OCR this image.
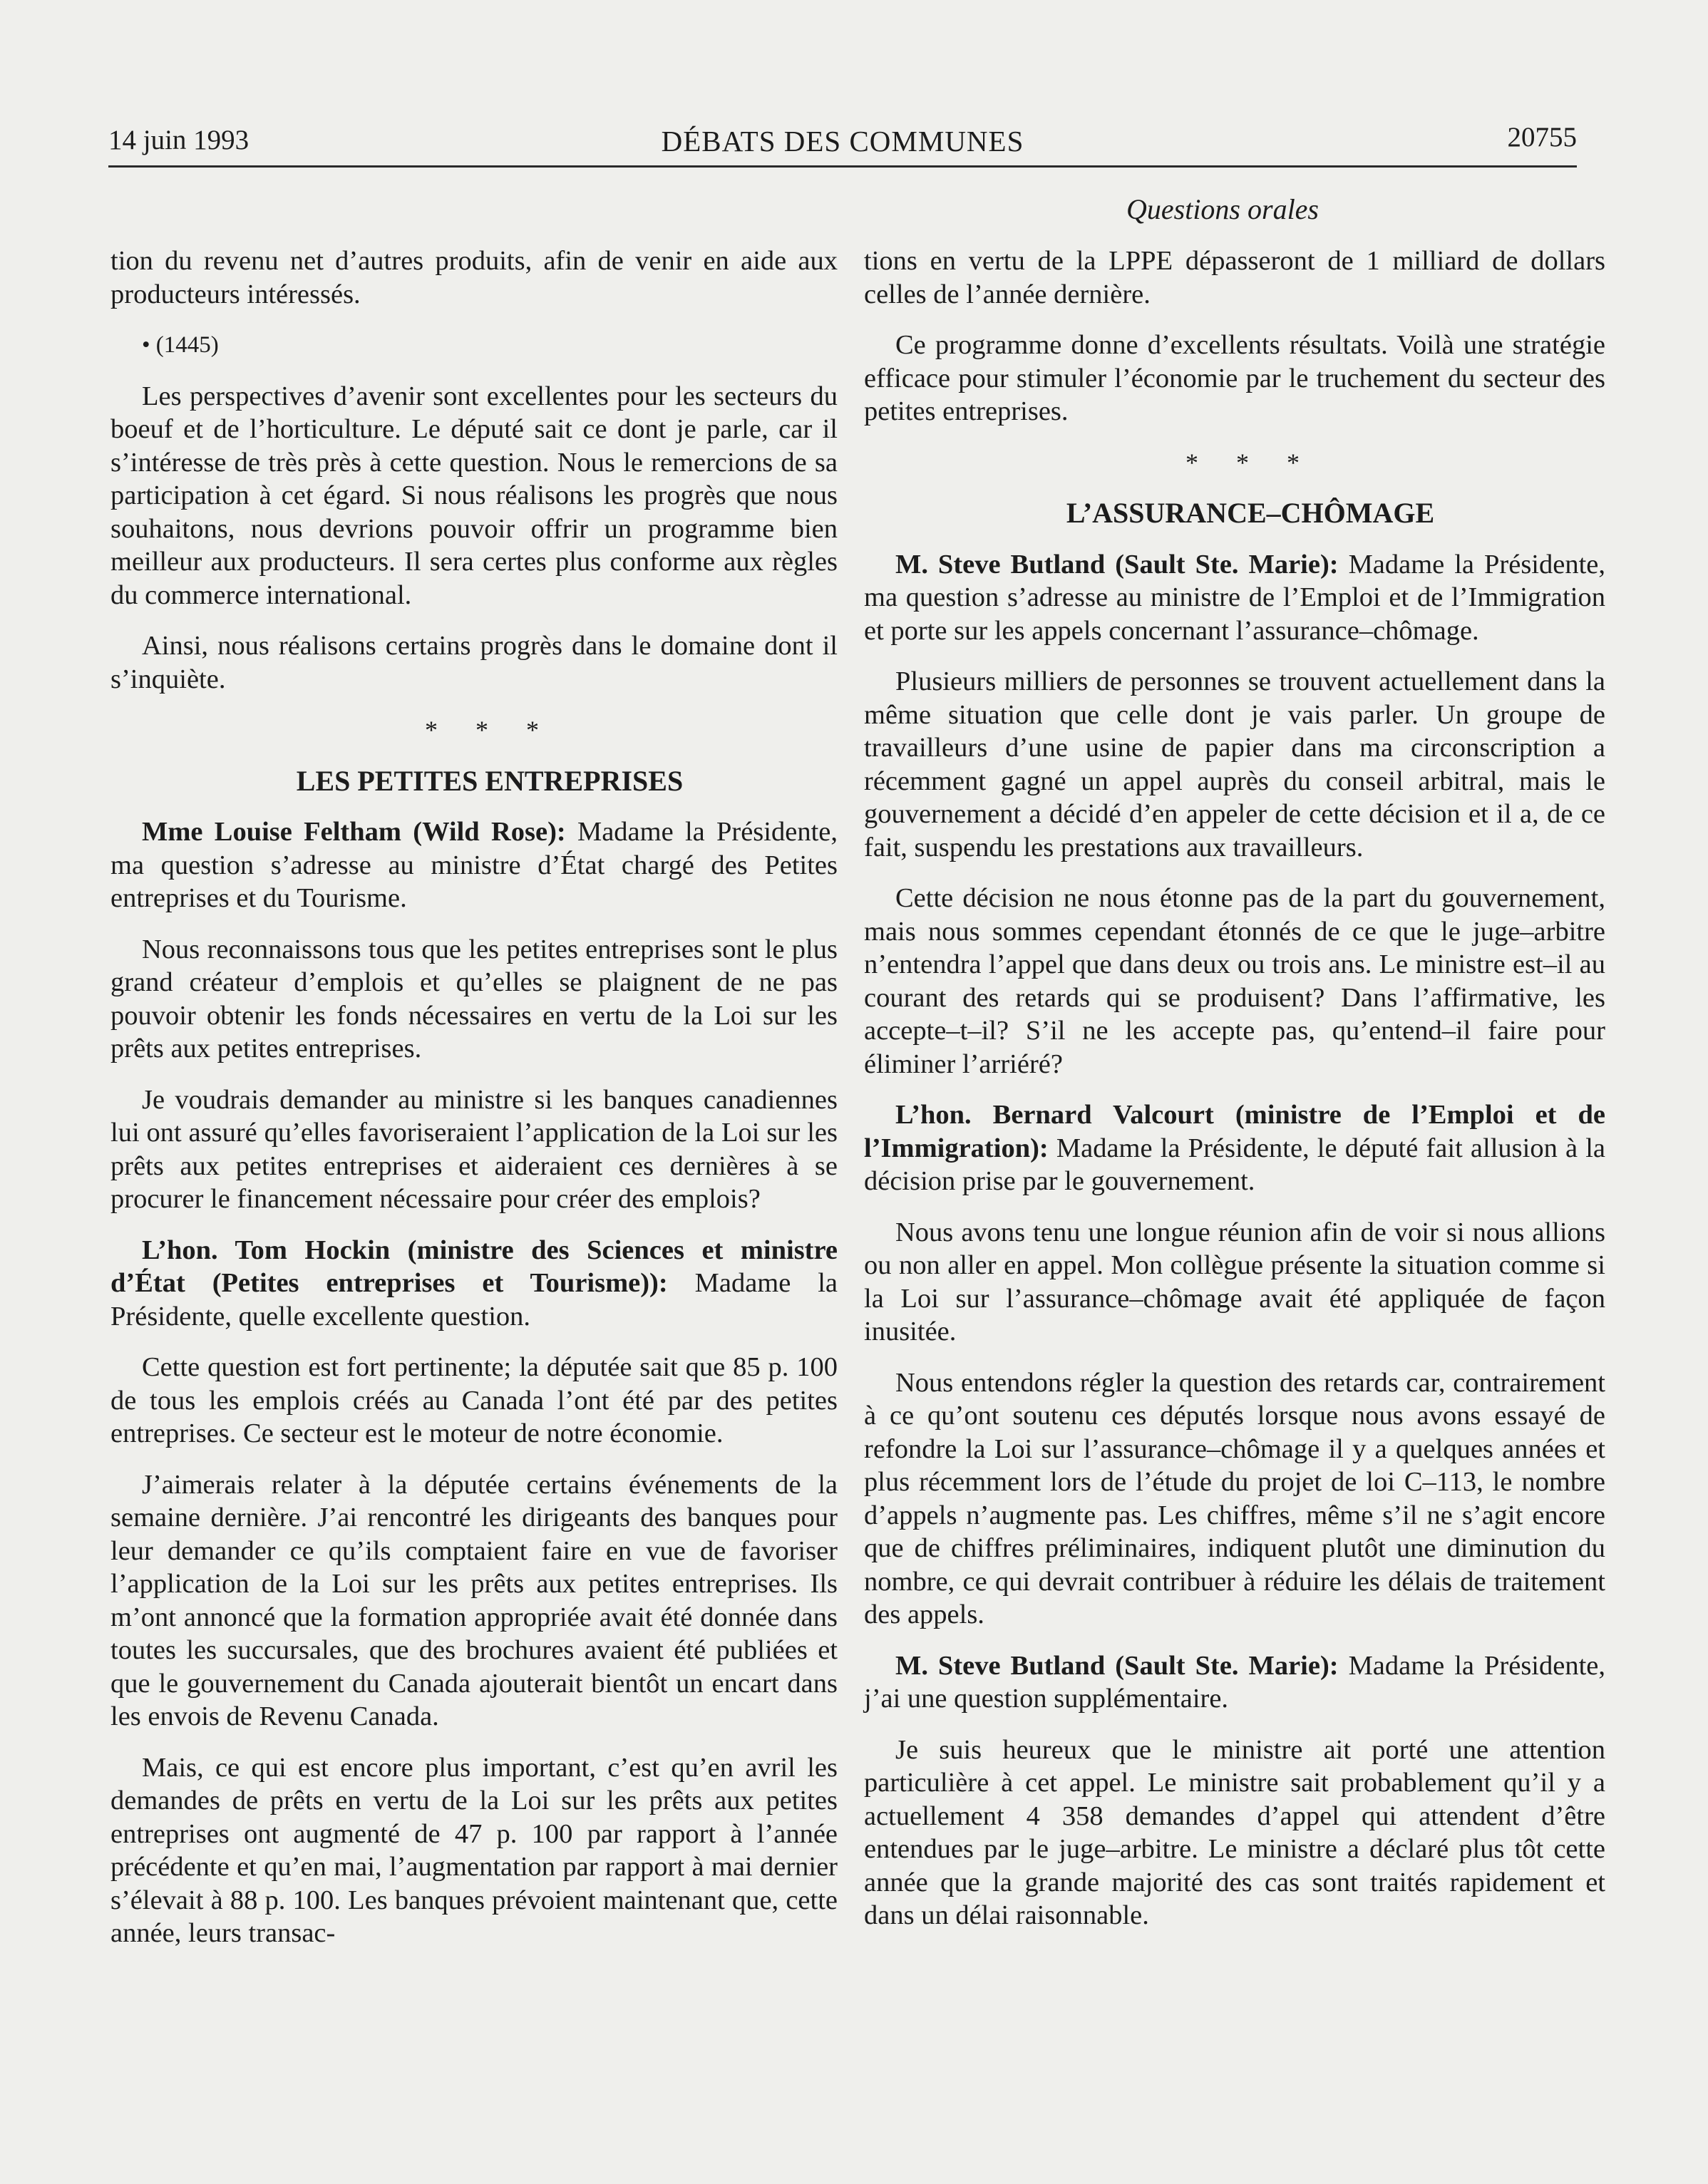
14 juin 1993	DÉBATS DES COMMUNES	20755
Questions orales

tion du revenu net d’autres produits, afin de venir en aide aux producteurs intéressés.

• (1445)

Les perspectives d’avenir sont excellentes pour les secteurs du boeuf et de l’horticulture. Le député sait ce dont je parle, car il s’intéresse de très près à cette question. Nous le remercions de sa participation à cet égard. Si nous réalisons les progrès que nous souhaitons, nous devrions pouvoir offrir un programme bien meilleur aux producteurs. Il sera certes plus conforme aux règles du commerce international.

Ainsi, nous réalisons certains progrès dans le domaine dont il s’inquiète.

* * *

LES PETITES ENTREPRISES

Mme Louise Feltham (Wild Rose): Madame la Présidente, ma question s’adresse au ministre d’État chargé des Petites entreprises et du Tourisme.

Nous reconnaissons tous que les petites entreprises sont le plus grand créateur d’emplois et qu’elles se plaignent de ne pas pouvoir obtenir les fonds nécessaires en vertu de la Loi sur les prêts aux petites entreprises.

Je voudrais demander au ministre si les banques canadiennes lui ont assuré qu’elles favoriseraient l’application de la Loi sur les prêts aux petites entreprises et aideraient ces dernières à se procurer le financement nécessaire pour créer des emplois?

L’hon. Tom Hockin (ministre des Sciences et ministre d’État (Petites entreprises et Tourisme)): Madame la Présidente, quelle excellente question.

Cette question est fort pertinente; la députée sait que 85 p. 100 de tous les emplois créés au Canada l’ont été par des petites entreprises. Ce secteur est le moteur de notre économie.

J’aimerais relater à la députée certains événements de la semaine dernière. J’ai rencontré les dirigeants des banques pour leur demander ce qu’ils comptaient faire en vue de favoriser l’application de la Loi sur les prêts aux petites entreprises. Ils m’ont annoncé que la formation appropriée avait été donnée dans toutes les succursales, que des brochures avaient été publiées et que le gouvernement du Canada ajouterait bientôt un encart dans les envois de Revenu Canada.

Mais, ce qui est encore plus important, c’est qu’en avril les demandes de prêts en vertu de la Loi sur les prêts aux petites entreprises ont augmenté de 47 p. 100 par rapport à l’année précédente et qu’en mai, l’augmentation par rapport à mai dernier s’élevait à 88 p. 100. Les banques prévoient maintenant que, cette année, leurs transac-

tions en vertu de la LPPE dépasseront de 1 milliard de dollars celles de l’année dernière.

Ce programme donne d’excellents résultats. Voilà une stratégie efficace pour stimuler l’économie par le truchement du secteur des petites entreprises.

* * *

L’ASSURANCE–CHÔMAGE

M. Steve Butland (Sault Ste. Marie): Madame la Présidente, ma question s’adresse au ministre de l’Emploi et de l’Immigration et porte sur les appels concernant l’assurance–chômage.

Plusieurs milliers de personnes se trouvent actuellement dans la même situation que celle dont je vais parler. Un groupe de travailleurs d’une usine de papier dans ma circonscription a récemment gagné un appel auprès du conseil arbitral, mais le gouvernement a décidé d’en appeler de cette décision et il a, de ce fait, suspendu les prestations aux travailleurs.

Cette décision ne nous étonne pas de la part du gouvernement, mais nous sommes cependant étonnés de ce que le juge–arbitre n’entendra l’appel que dans deux ou trois ans. Le ministre est–il au courant des retards qui se produisent? Dans l’affirmative, les accepte–t–il? S’il ne les accepte pas, qu’entend–il faire pour éliminer l’arriéré?

L’hon. Bernard Valcourt (ministre de l’Emploi et de l’Immigration): Madame la Présidente, le député fait allusion à la décision prise par le gouvernement.

Nous avons tenu une longue réunion afin de voir si nous allions ou non aller en appel. Mon collègue présente la situation comme si la Loi sur l’assurance–chômage avait été appliquée de façon inusitée.

Nous entendons régler la question des retards car, contrairement à ce qu’ont soutenu ces députés lorsque nous avons essayé de refondre la Loi sur l’assurance–chômage il y a quelques années et plus récemment lors de l’étude du projet de loi C–113, le nombre d’appels n’augmente pas. Les chiffres, même s’il ne s’agit encore que de chiffres préliminaires, indiquent plutôt une diminution du nombre, ce qui devrait contribuer à réduire les délais de traitement des appels.

M. Steve Butland (Sault Ste. Marie): Madame la Présidente, j’ai une question supplémentaire.

Je suis heureux que le ministre ait porté une attention particulière à cet appel. Le ministre sait probablement qu’il y a actuellement 4 358 demandes d’appel qui attendent d’être entendues par le juge–arbitre. Le ministre a déclaré plus tôt cette année que la grande majorité des cas sont traités rapidement et dans un délai raisonnable.
